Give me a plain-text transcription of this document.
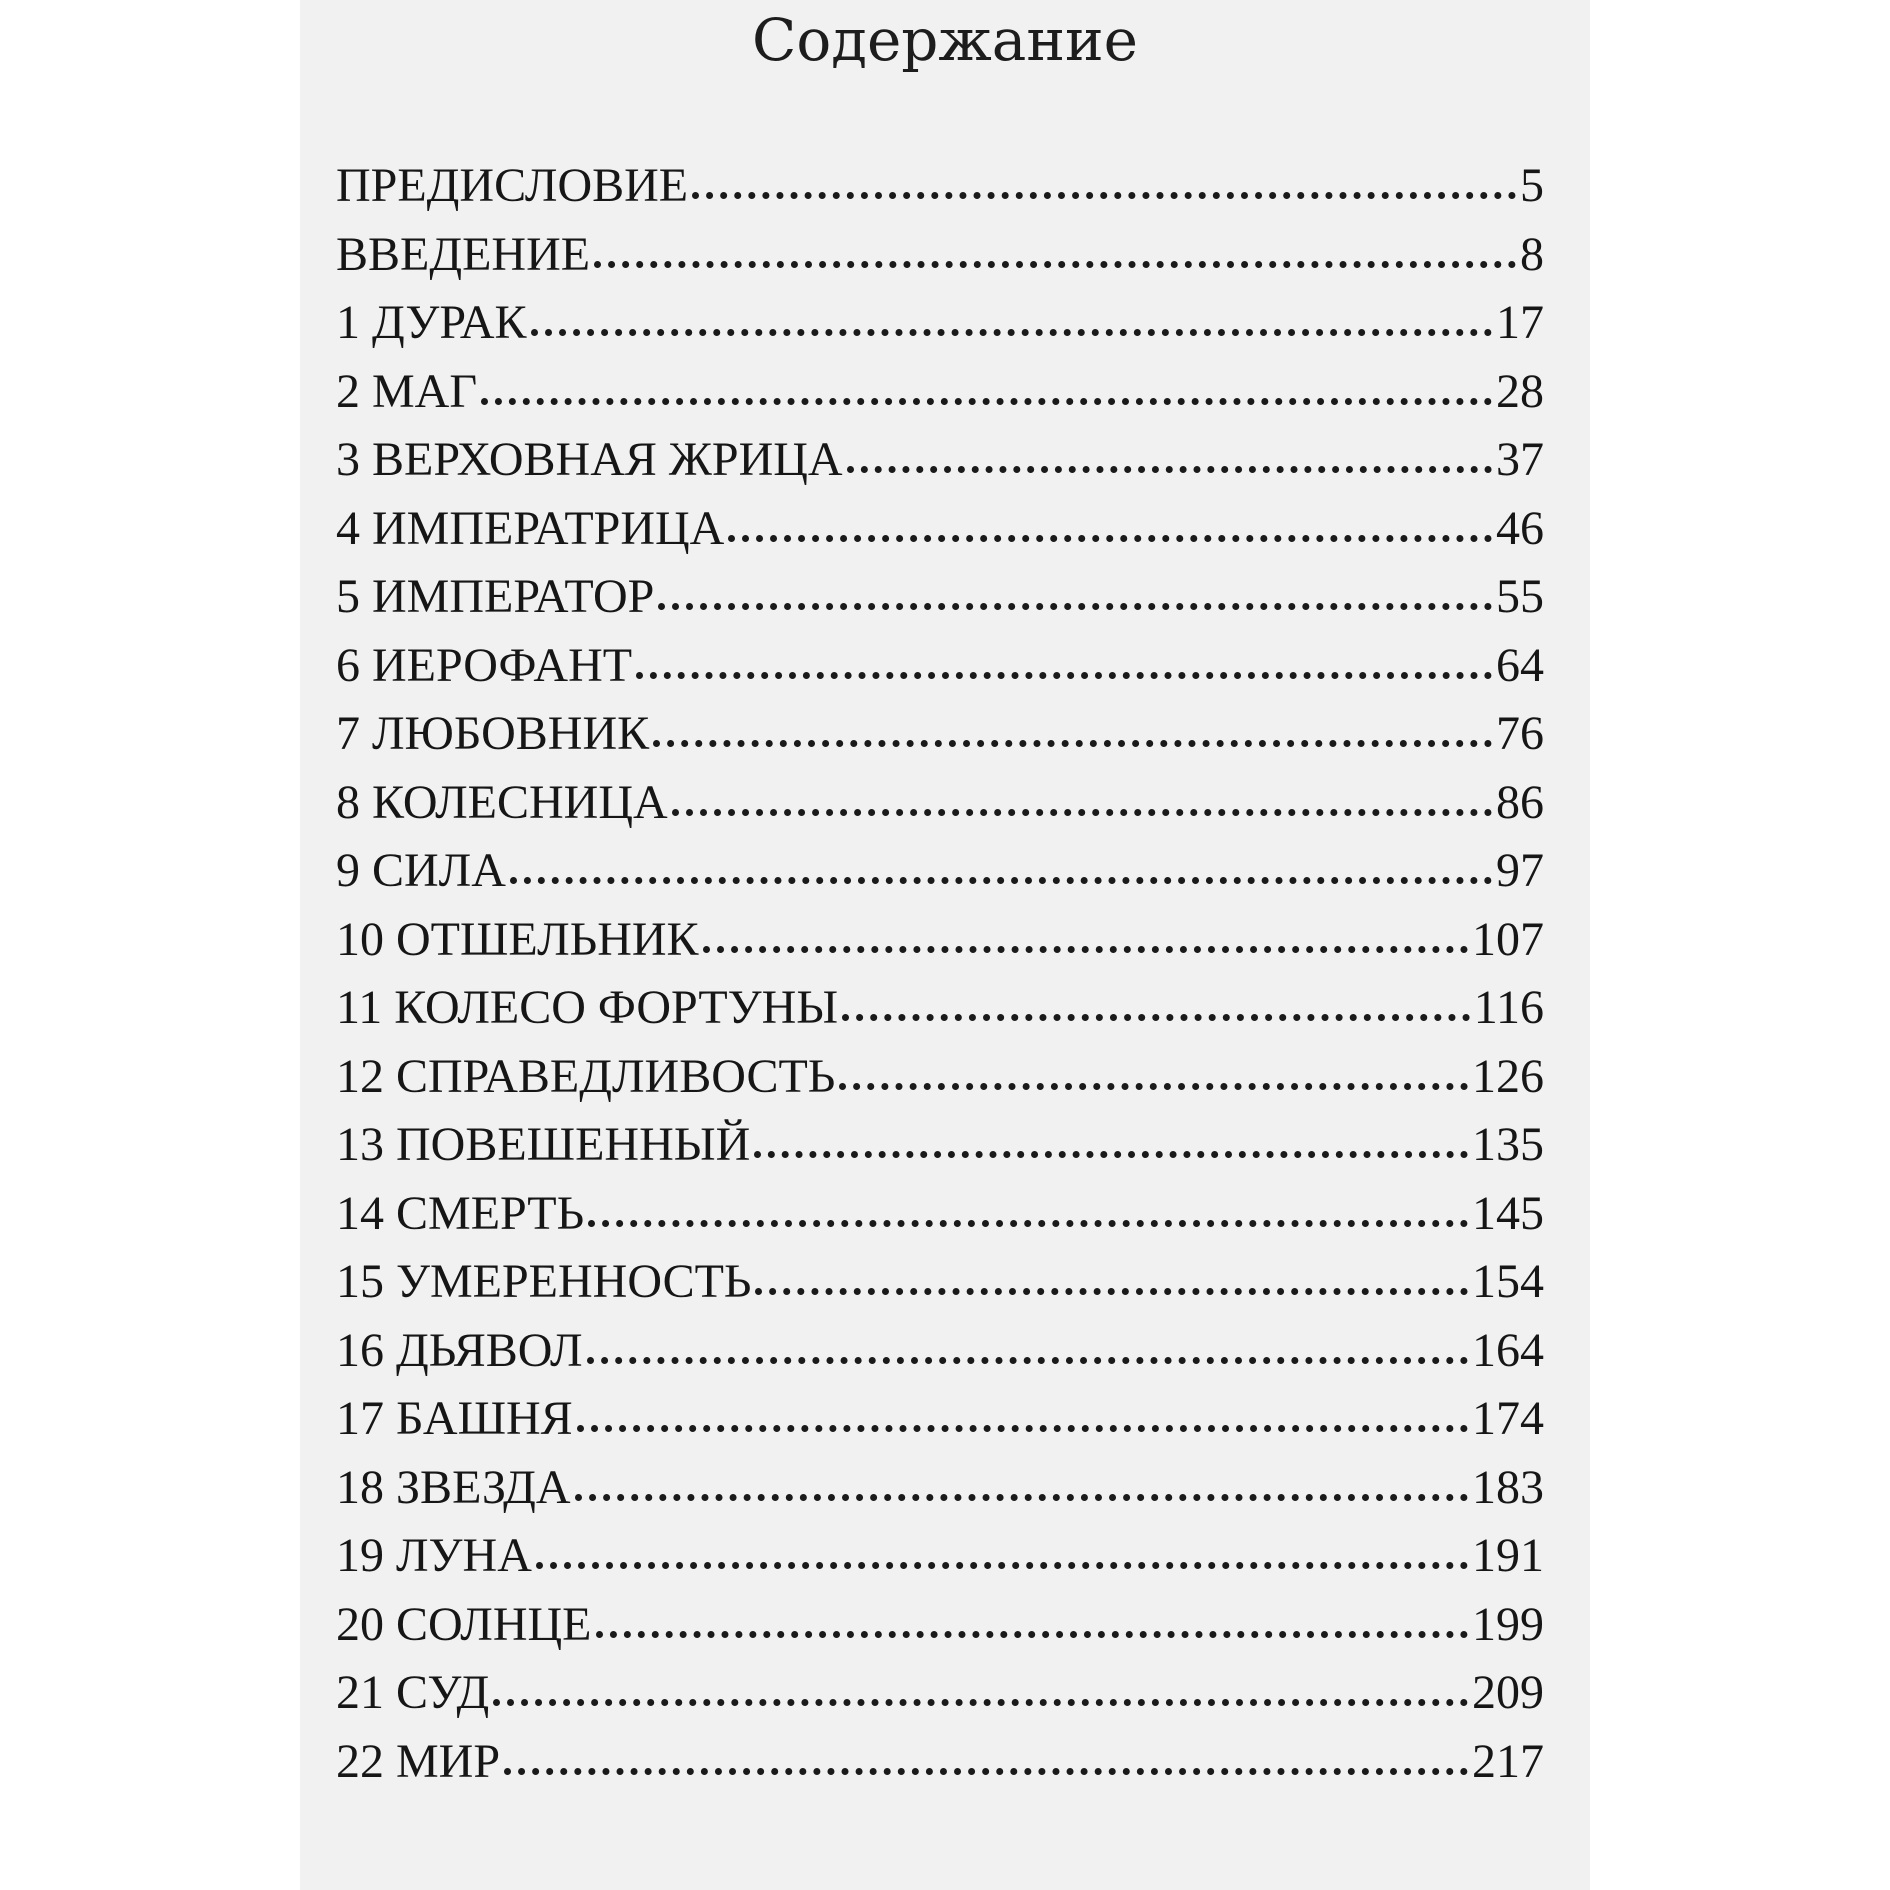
Содержание
ПРЕДИСЛОВИЕ	5
ВВЕДЕНИЕ	8
1 ДУРАК	17
2 МАГ	28
3 ВЕРХОВНАЯ ЖРИЦА	37
4 ИМПЕРАТРИЦА	46
5 ИМПЕРАТОР	55
6 ИЕРОФАНТ	64
7 ЛЮБОВНИК	76
8 КОЛЕСНИЦА	86
9 СИЛА	97
10 ОТШЕЛЬНИК	107
11 КОЛЕСО ФОРТУНЫ	116
12 СПРАВЕДЛИВОСТЬ	126
13 ПОВЕШЕННЫЙ	135
14 СМЕРТЬ	145
15 УМЕРЕННОСТЬ	154
16 ДЬЯВОЛ	164
17 БАШНЯ	174
18 ЗВЕЗДА	183
19 ЛУНА	191
20 СОЛНЦЕ	199
21 СУД	209
22 МИР	217
